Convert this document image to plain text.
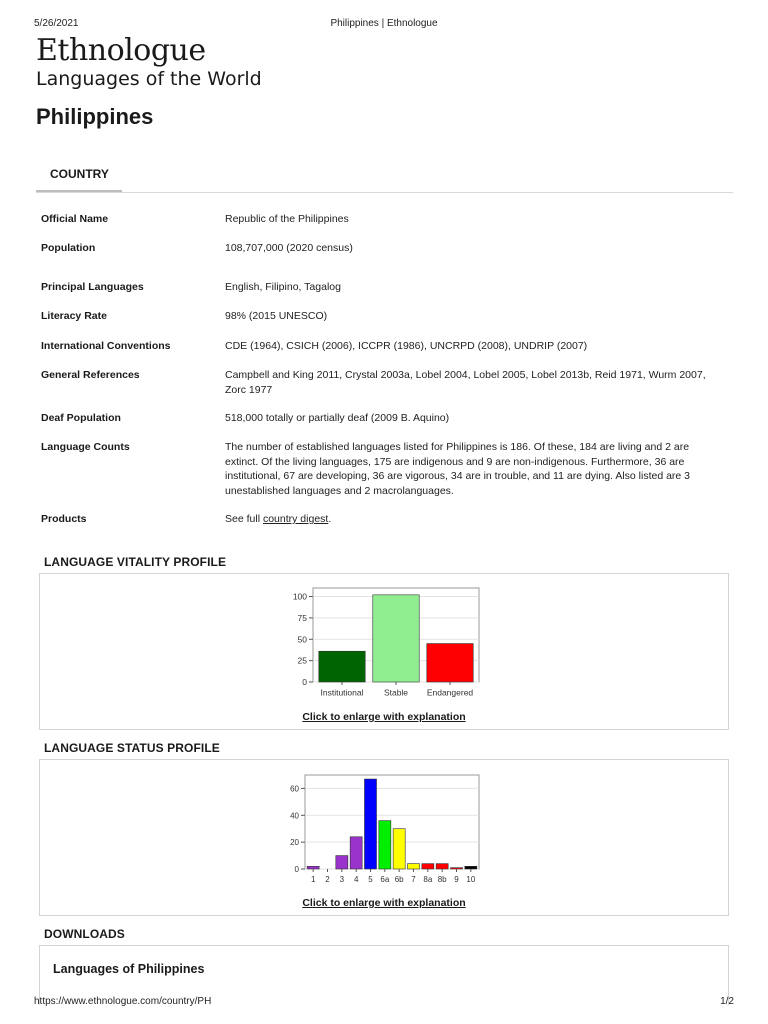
5/26/2021	Philippines | Ethnologue
Ethnologue
Languages of the World
Philippines
COUNTRY
Official Name	Republic of the Philippines
Population	108,707,000 (2020 census)
Principal Languages	English, Filipino, Tagalog
Literacy Rate	98% (2015 UNESCO)
International Conventions	CDE (1964), CSICH (2006), ICCPR (1986), UNCRPD (2008), UNDRIP (2007)
General References	Campbell and King 2011, Crystal 2003a, Lobel 2004, Lobel 2005, Lobel 2013b, Reid 1971, Wurm 2007, Zorc 1977
Deaf Population	518,000 totally or partially deaf (2009 B. Aquino)
Language Counts	The number of established languages listed for Philippines is 186. Of these, 184 are living and 2 are extinct. Of the living languages, 175 are indigenous and 9 are non-indigenous. Furthermore, 36 are institutional, 67 are developing, 36 are vigorous, 34 are in trouble, and 11 are dying. Also listed are 3 unestablished languages and 2 macrolanguages.
Products	See full country digest.
LANGUAGE VITALITY PROFILE
0
25
50
75
100
Institutional Stable Endangered
Click to enlarge with explanation
LANGUAGE STATUS PROFILE
0
20
40
60
1 2 3 4 5 6a 6b 7 8a 8b 9 10
Click to enlarge with explanation
DOWNLOADS
Languages of Philippines
https://www.ethnologue.com/country/PH	1/2
